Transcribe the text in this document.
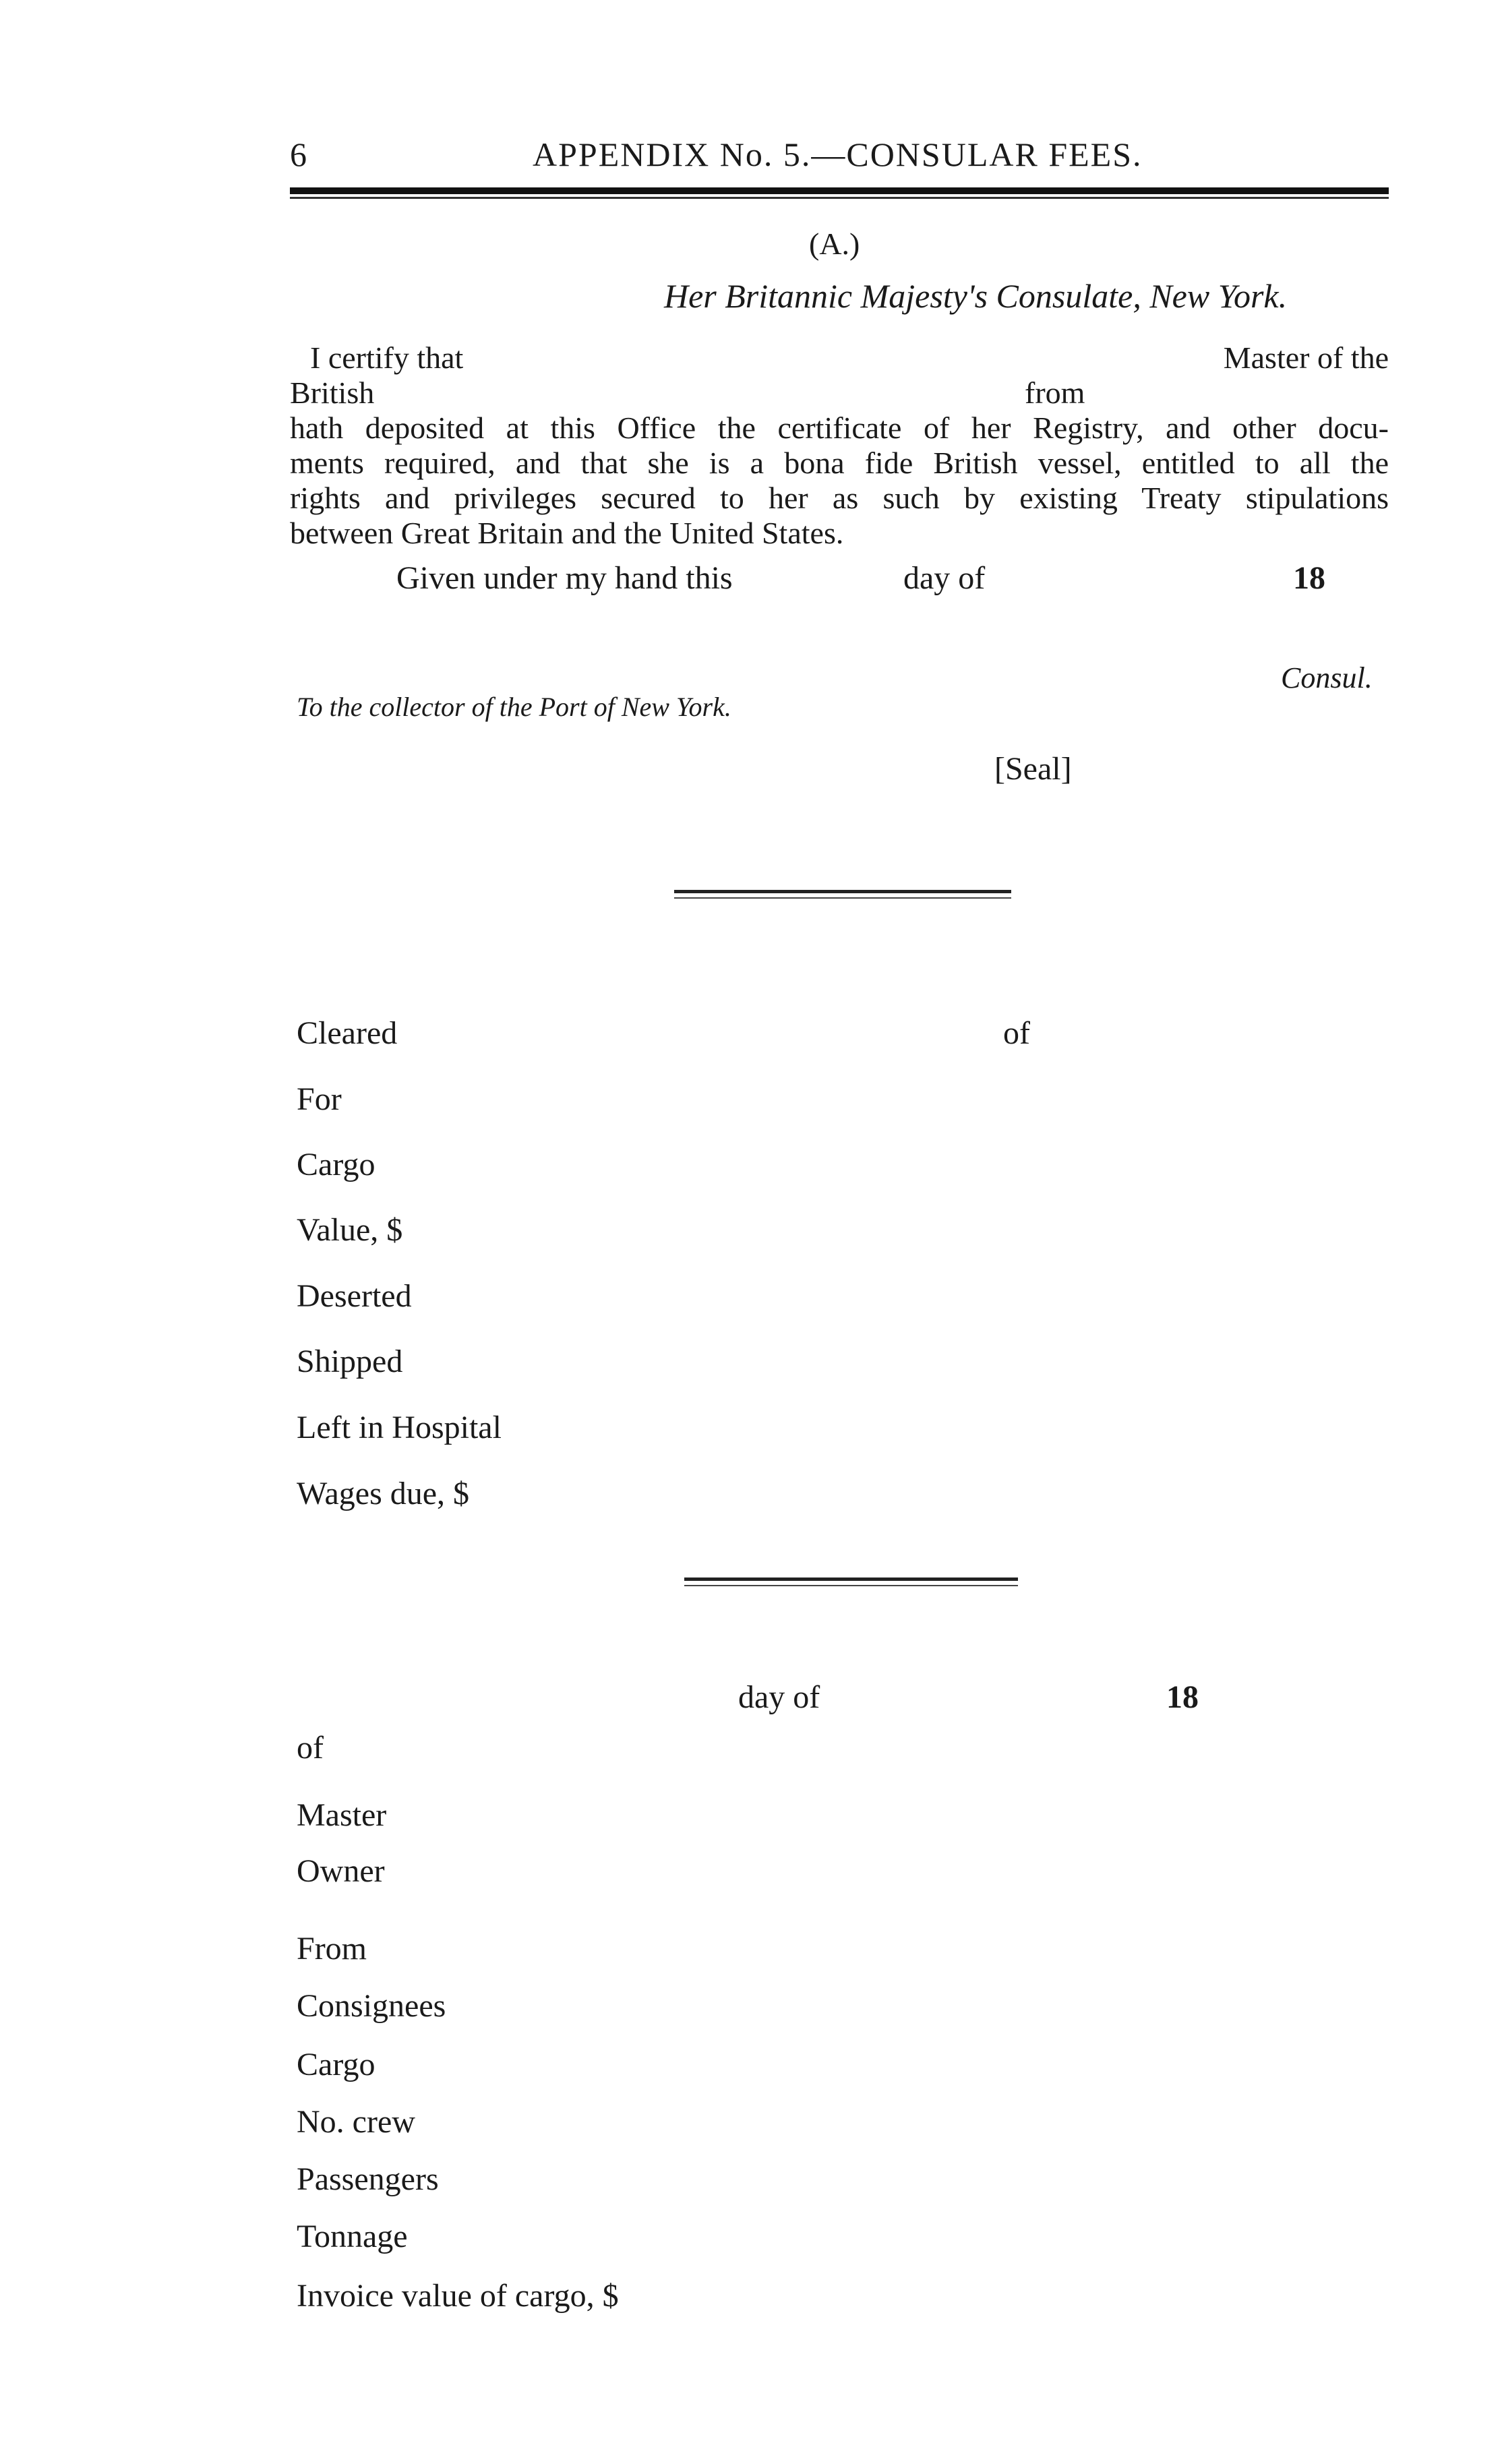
6	APPENDIX No. 5.—CONSULAR FEES.
(A.)
Her Britannic Majesty's Consulate, New York.
I certify that	Master of the
British	from
hath deposited at this Office the certificate of her Registry, and other docu-
ments required, and that she is a bona fide British vessel, entitled to all the
rights and privileges secured to her as such by existing Treaty stipulations
between Great Britain and the United States.
Given under my hand this	day of	18
Consul.
To the collector of the Port of New York.
[Seal]
Cleared	of
For
Cargo
Value, $
Deserted
Shipped
Left in Hospital
Wages due, $
day of	18
of
Master
Owner
From
Consignees
Cargo
No. crew
Passengers
Tonnage
Invoice value of cargo, $
